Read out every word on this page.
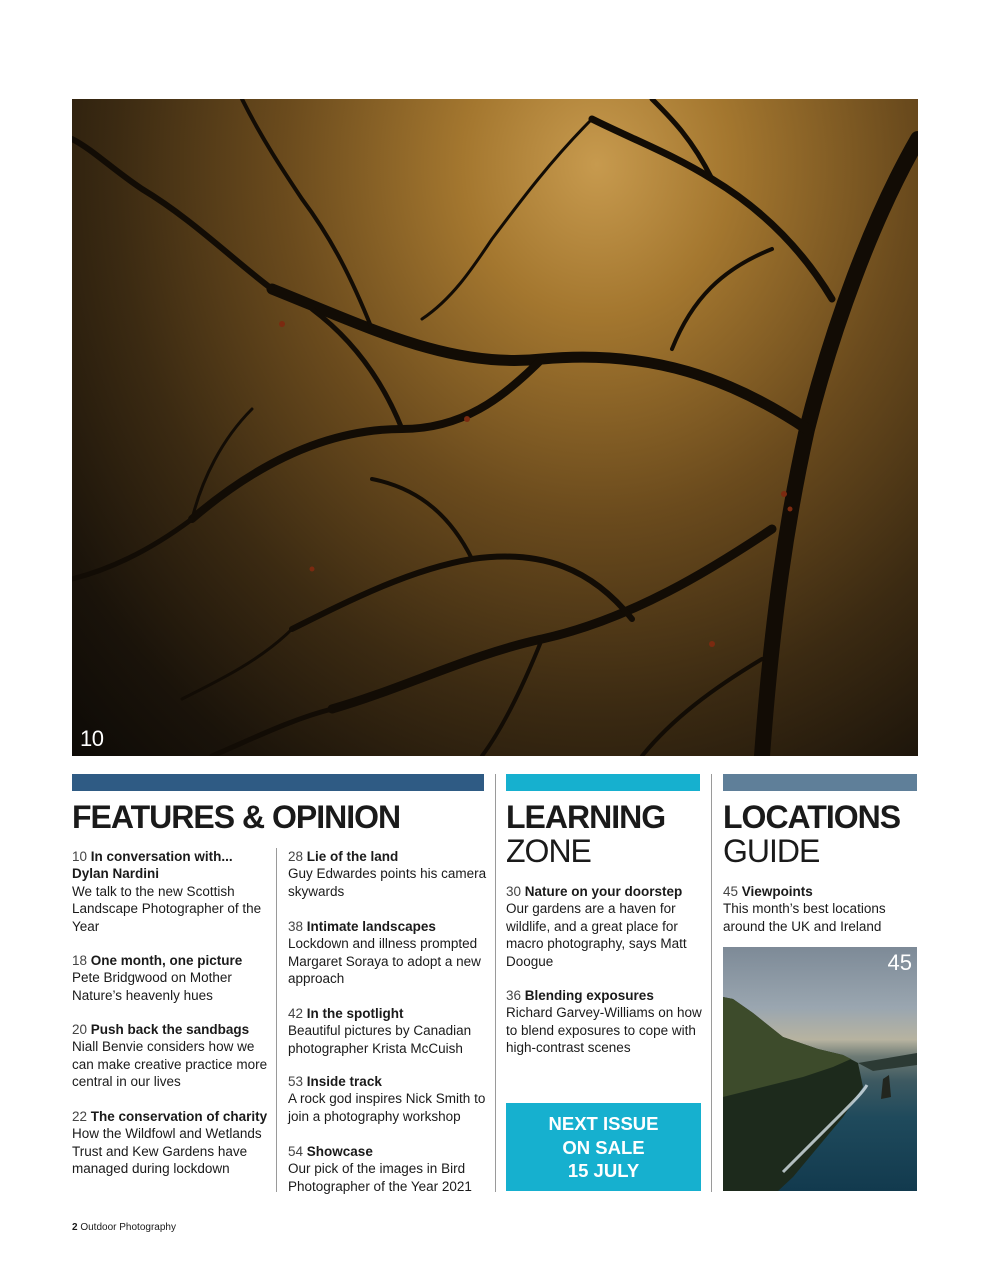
10
FEATURES & OPINION
10 In conversation with... Dylan Nardini
We talk to the new Scottish Landscape Photographer of the Year
18 One month, one picture
Pete Bridgwood on Mother Nature’s heavenly hues
20 Push back the sandbags
Niall Benvie considers how we can make creative practice more central in our lives
22 The conservation of charity
How the Wildfowl and Wetlands Trust and Kew Gardens have managed during lockdown
28 Lie of the land
Guy Edwardes points his camera skywards
38 Intimate landscapes
Lockdown and illness prompted Margaret Soraya to adopt a new approach
42 In the spotlight
Beautiful pictures by Canadian photographer Krista McCuish
53 Inside track
A rock god inspires Nick Smith to join a photography workshop
54 Showcase
Our pick of the images in Bird Photographer of the Year 2021
LEARNING
ZONE
30 Nature on your doorstep
Our gardens are a haven for wildlife, and a great place for macro photography, says Matt Doogue
36 Blending exposures
Richard Garvey-Williams on how to blend exposures to cope with high-contrast scenes
NEXT ISSUE
ON SALE
15 JULY
LOCATIONS
GUIDE
45 Viewpoints
This month’s best locations around the UK and Ireland
45
2 Outdoor Photography
